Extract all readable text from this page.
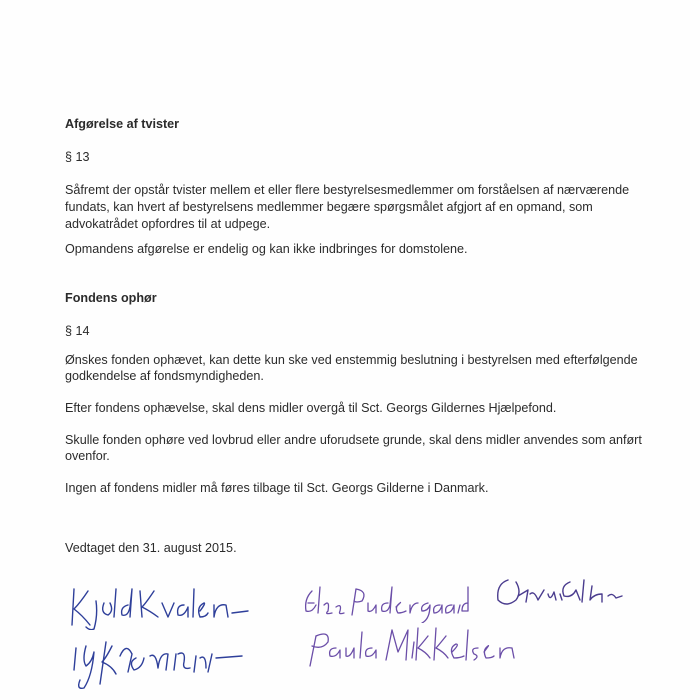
Afgørelse af tvister

§ 13

Såfremt der opstår tvister mellem et eller flere bestyrelsesmedlemmer om forståelsen af nærværende

fundats, kan hvert af bestyrelsens medlemmer begære spørgsmålet afgjort af en opmand, som

advokatrådet opfordres til at udpege.

Opmandens afgørelse er endelig og kan ikke indbringes for domstolene.

Fondens ophør

§ 14

Ønskes fonden ophævet, kan dette kun ske ved enstemmig beslutning i bestyrelsen med efterfølgende

godkendelse af fondsmyndigheden.

Efter fondens ophævelse, skal dens midler overgå til Sct. Georgs Gildernes Hjælpefond.

Skulle fonden ophøre ved lovbrud eller andre uforudsete grunde, skal dens midler anvendes som anført

ovenfor.

Ingen af fondens midler må føres tilbage til Sct. Georgs Gilderne i Danmark.

Vedtaget den 31. august 2015.
